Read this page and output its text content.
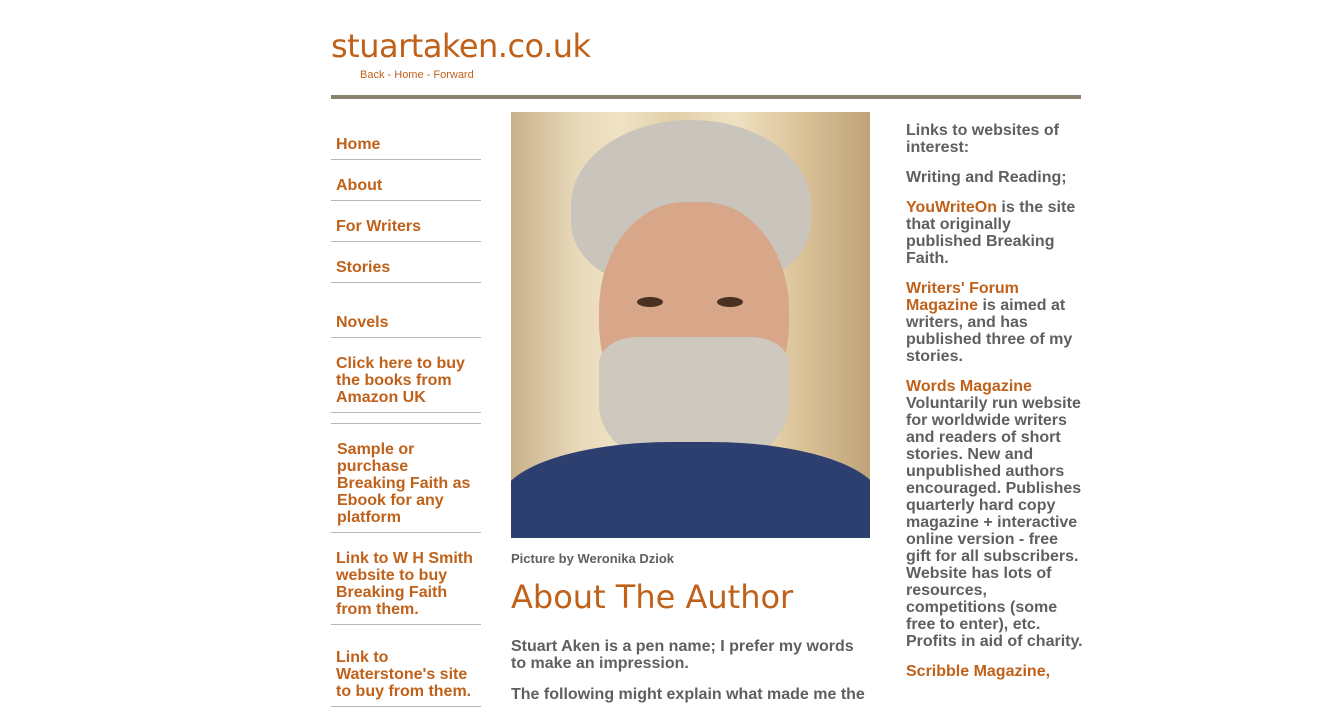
stuartaken.co.uk
Back - Home - Forward
Home
About
For Writers
Stories
Novels
Click here to buy the books from Amazon UK
Sample or purchase Breaking Faith as Ebook for any platform
Link to W H Smith website to buy Breaking Faith from them.
Link to Waterstone's site to buy from them.
Picture by Weronika Dziok
About The Author

Stuart Aken is a pen name; I prefer my words to make an impression.

The following might explain what made me the

Links to websites of interest:

Writing and Reading;

YouWriteOn is the site that originally published Breaking Faith.

Writers' Forum Magazine is aimed at writers, and has published three of my stories.

Words Magazine Voluntarily run website for worldwide writers and readers of short stories. New and unpublished authors encouraged. Publishes quarterly hard copy magazine + interactive online version - free gift for all subscribers. Website has lots of resources, competitions (some free to enter), etc. Profits in aid of charity.

Scribble Magazine,
